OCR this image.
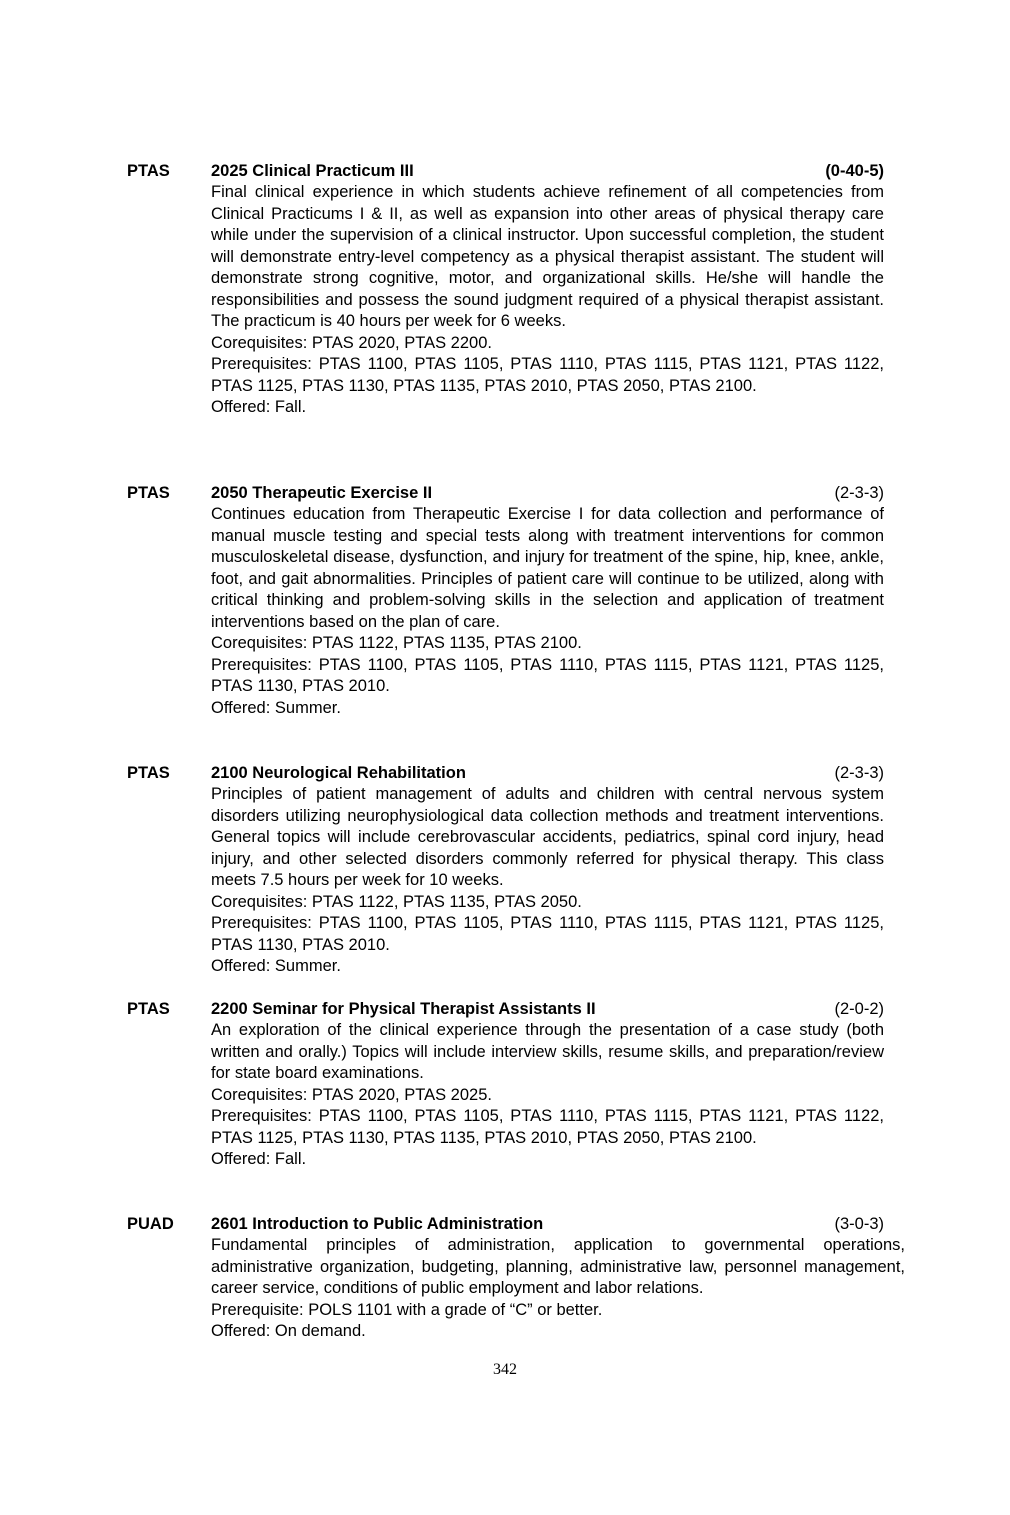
PTAS 2025 Clinical Practicum III	(0-40-5)

Final clinical experience in which students achieve refinement of all competencies from Clinical Practicums I & II, as well as expansion into other areas of physical therapy care while under the supervision of a clinical instructor. Upon successful completion, the student will demonstrate entry-level competency as a physical therapist assistant. The student will demonstrate strong cognitive, motor, and organizational skills. He/she will handle the responsibilities and possess the sound judgment required of a physical therapist assistant. The practicum is 40 hours per week for 6 weeks.

Corequisites: PTAS 2020, PTAS 2200.

Prerequisites: PTAS 1100, PTAS 1105, PTAS 1110, PTAS 1115, PTAS 1121, PTAS 1122, PTAS 1125, PTAS 1130, PTAS 1135, PTAS 2010, PTAS 2050, PTAS 2100.

Offered: Fall.

PTAS 2050 Therapeutic Exercise II	(2-3-3)

Continues education from Therapeutic Exercise I for data collection and performance of manual muscle testing and special tests along with treatment interventions for common musculoskeletal disease, dysfunction, and injury for treatment of the spine, hip, knee, ankle, foot, and gait abnormalities. Principles of patient care will continue to be utilized, along with critical thinking and problem-solving skills in the selection and application of treatment interventions based on the plan of care.

Corequisites: PTAS 1122, PTAS 1135, PTAS 2100.

Prerequisites: PTAS 1100, PTAS 1105, PTAS 1110, PTAS 1115, PTAS 1121, PTAS 1125, PTAS 1130, PTAS 2010.

Offered: Summer.

PTAS 2100 Neurological Rehabilitation	(2-3-3)

Principles of patient management of adults and children with central nervous system disorders utilizing neurophysiological data collection methods and treatment interventions. General topics will include cerebrovascular accidents, pediatrics, spinal cord injury, head injury, and other selected disorders commonly referred for physical therapy. This class meets 7.5 hours per week for 10 weeks.

Corequisites: PTAS 1122, PTAS 1135, PTAS 2050.

Prerequisites: PTAS 1100, PTAS 1105, PTAS 1110, PTAS 1115, PTAS 1121, PTAS 1125, PTAS 1130, PTAS 2010.

Offered: Summer.

PTAS 2200 Seminar for Physical Therapist Assistants II	(2-0-2)

An exploration of the clinical experience through the presentation of a case study (both written and orally.) Topics will include interview skills, resume skills, and preparation/review for state board examinations.

Corequisites: PTAS 2020, PTAS 2025.

Prerequisites: PTAS 1100, PTAS 1105, PTAS 1110, PTAS 1115, PTAS 1121, PTAS 1122, PTAS 1125, PTAS 1130, PTAS 1135, PTAS 2010, PTAS 2050, PTAS 2100.

Offered: Fall.

PUAD 2601 Introduction to Public Administration	(3-0-3)

Fundamental principles of administration, application to governmental operations, administrative organization, budgeting, planning, administrative law, personnel management, career service, conditions of public employment and labor relations.

Prerequisite: POLS 1101 with a grade of “C” or better.

Offered: On demand.

342
